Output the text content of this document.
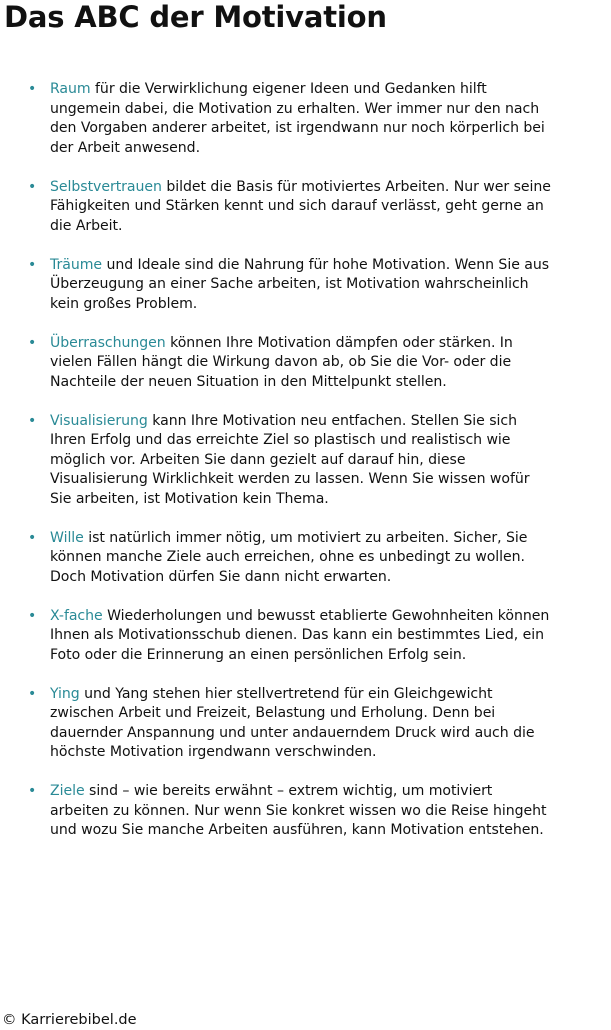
Das ABC der Motivation
• Raum für die Verwirklichung eigener Ideen und Gedanken hilft
ungemein dabei, die Motivation zu erhalten. Wer immer nur den nach
den Vorgaben anderer arbeitet, ist irgendwann nur noch körperlich bei
der Arbeit anwesend.
• Selbstvertrauen bildet die Basis für motiviertes Arbeiten. Nur wer seine
Fähigkeiten und Stärken kennt und sich darauf verlässt, geht gerne an
die Arbeit.
• Träume und Ideale sind die Nahrung für hohe Motivation. Wenn Sie aus
Überzeugung an einer Sache arbeiten, ist Motivation wahrscheinlich
kein großes Problem.
• Überraschungen können Ihre Motivation dämpfen oder stärken. In
vielen Fällen hängt die Wirkung davon ab, ob Sie die Vor- oder die
Nachteile der neuen Situation in den Mittelpunkt stellen.
• Visualisierung kann Ihre Motivation neu entfachen. Stellen Sie sich
Ihren Erfolg und das erreichte Ziel so plastisch und realistisch wie
möglich vor. Arbeiten Sie dann gezielt auf darauf hin, diese
Visualisierung Wirklichkeit werden zu lassen. Wenn Sie wissen wofür
Sie arbeiten, ist Motivation kein Thema.
• Wille ist natürlich immer nötig, um motiviert zu arbeiten. Sicher, Sie
können manche Ziele auch erreichen, ohne es unbedingt zu wollen.
Doch Motivation dürfen Sie dann nicht erwarten.
• X-fache Wiederholungen und bewusst etablierte Gewohnheiten können
Ihnen als Motivationsschub dienen. Das kann ein bestimmtes Lied, ein
Foto oder die Erinnerung an einen persönlichen Erfolg sein.
• Ying und Yang stehen hier stellvertretend für ein Gleichgewicht
zwischen Arbeit und Freizeit, Belastung und Erholung. Denn bei
dauernder Anspannung und unter andauerndem Druck wird auch die
höchste Motivation irgendwann verschwinden.
• Ziele sind – wie bereits erwähnt – extrem wichtig, um motiviert
arbeiten zu können. Nur wenn Sie konkret wissen wo die Reise hingeht
und wozu Sie manche Arbeiten ausführen, kann Motivation entstehen.
© Karrierebibel.de
